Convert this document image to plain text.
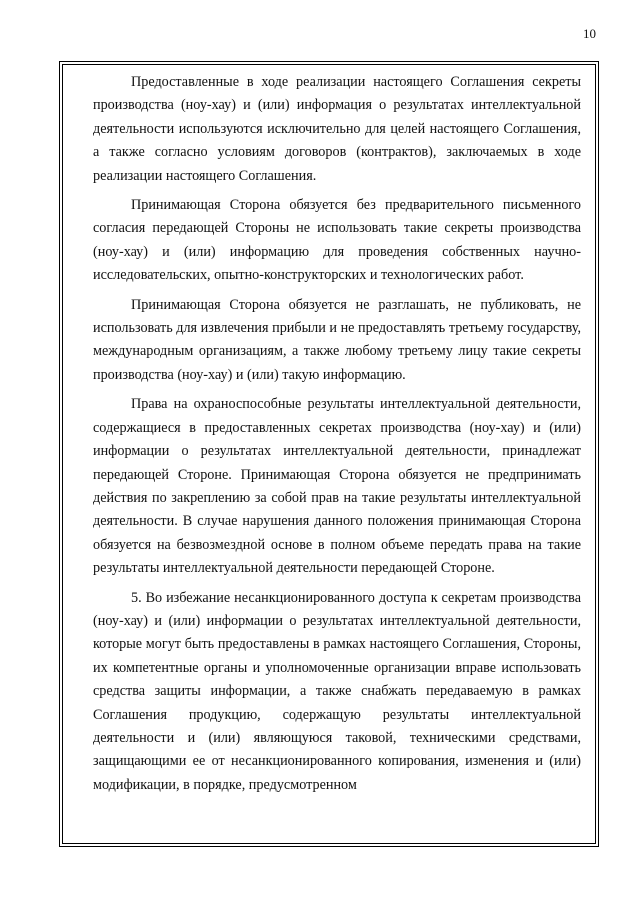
10

Предоставленные в ходе реализации настоящего Соглашения секреты производства (ноу-хау) и (или) информация о результатах интеллектуальной деятельности используются исключительно для целей настоящего Соглашения, а также согласно условиям договоров (контрактов), заключаемых в ходе реализации настоящего Соглашения.

Принимающая Сторона обязуется без предварительного письменного согласия передающей Стороны не использовать такие секреты производства (ноу-хау) и (или) информацию для проведения собственных научно-исследовательских, опытно-конструкторских и технологических работ.

Принимающая Сторона обязуется не разглашать, не публиковать, не использовать для извлечения прибыли и не предоставлять третьему государству, международным организациям, а также любому третьему лицу такие секреты производства (ноу-хау) и (или) такую информацию.

Права на охраноспособные результаты интеллектуальной деятельности, содержащиеся в предоставленных секретах производства (ноу-хау) и (или) информации о результатах интеллектуальной деятельности, принадлежат передающей Стороне. Принимающая Сторона обязуется не предпринимать действия по закреплению за собой прав на такие результаты интеллектуальной деятельности. В случае нарушения данного положения принимающая Сторона обязуется на безвозмездной основе в полном объеме передать права на такие результаты интеллектуальной деятельности передающей Стороне.

5. Во избежание несанкционированного доступа к секретам производства (ноу-хау) и (или) информации о результатах интеллектуальной деятельности, которые могут быть предоставлены в рамках настоящего Соглашения, Стороны, их компетентные органы и уполномоченные организации вправе использовать средства защиты информации, а также снабжать передаваемую в рамках Соглашения продукцию, содержащую результаты интеллектуальной деятельности и (или) являющуюся таковой, техническими средствами, защищающими ее от несанкционированного копирования, изменения и (или) модификации, в порядке, предусмотренном
